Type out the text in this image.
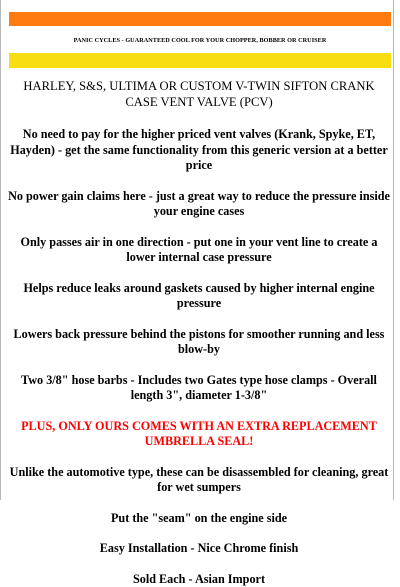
PANIC CYCLES - GUARANTEED COOL FOR YOUR CHOPPER, BOBBER OR CRUISER

HARLEY, S&S, ULTIMA OR CUSTOM V-TWIN SIFTON CRANK CASE VENT VALVE (PCV)

No need to pay for the higher priced vent valves (Krank, Spyke, ET, Hayden) - get the same functionality from this generic version at a better price

No power gain claims here - just a great way to reduce the pressure inside your engine cases

Only passes air in one direction - put one in your vent line to create a lower internal case pressure

Helps reduce leaks around gaskets caused by higher internal engine pressure

Lowers back pressure behind the pistons for smoother running and less blow-by

Two 3/8" hose barbs - Includes two Gates type hose clamps - Overall length 3", diameter 1-3/8"

PLUS, ONLY OURS COMES WITH AN EXTRA REPLACEMENT UMBRELLA SEAL!

Unlike the automotive type, these can be disassembled for cleaning, great for wet sumpers

Put the "seam" on the engine side

Easy Installation - Nice Chrome finish

Sold Each - Asian Import
